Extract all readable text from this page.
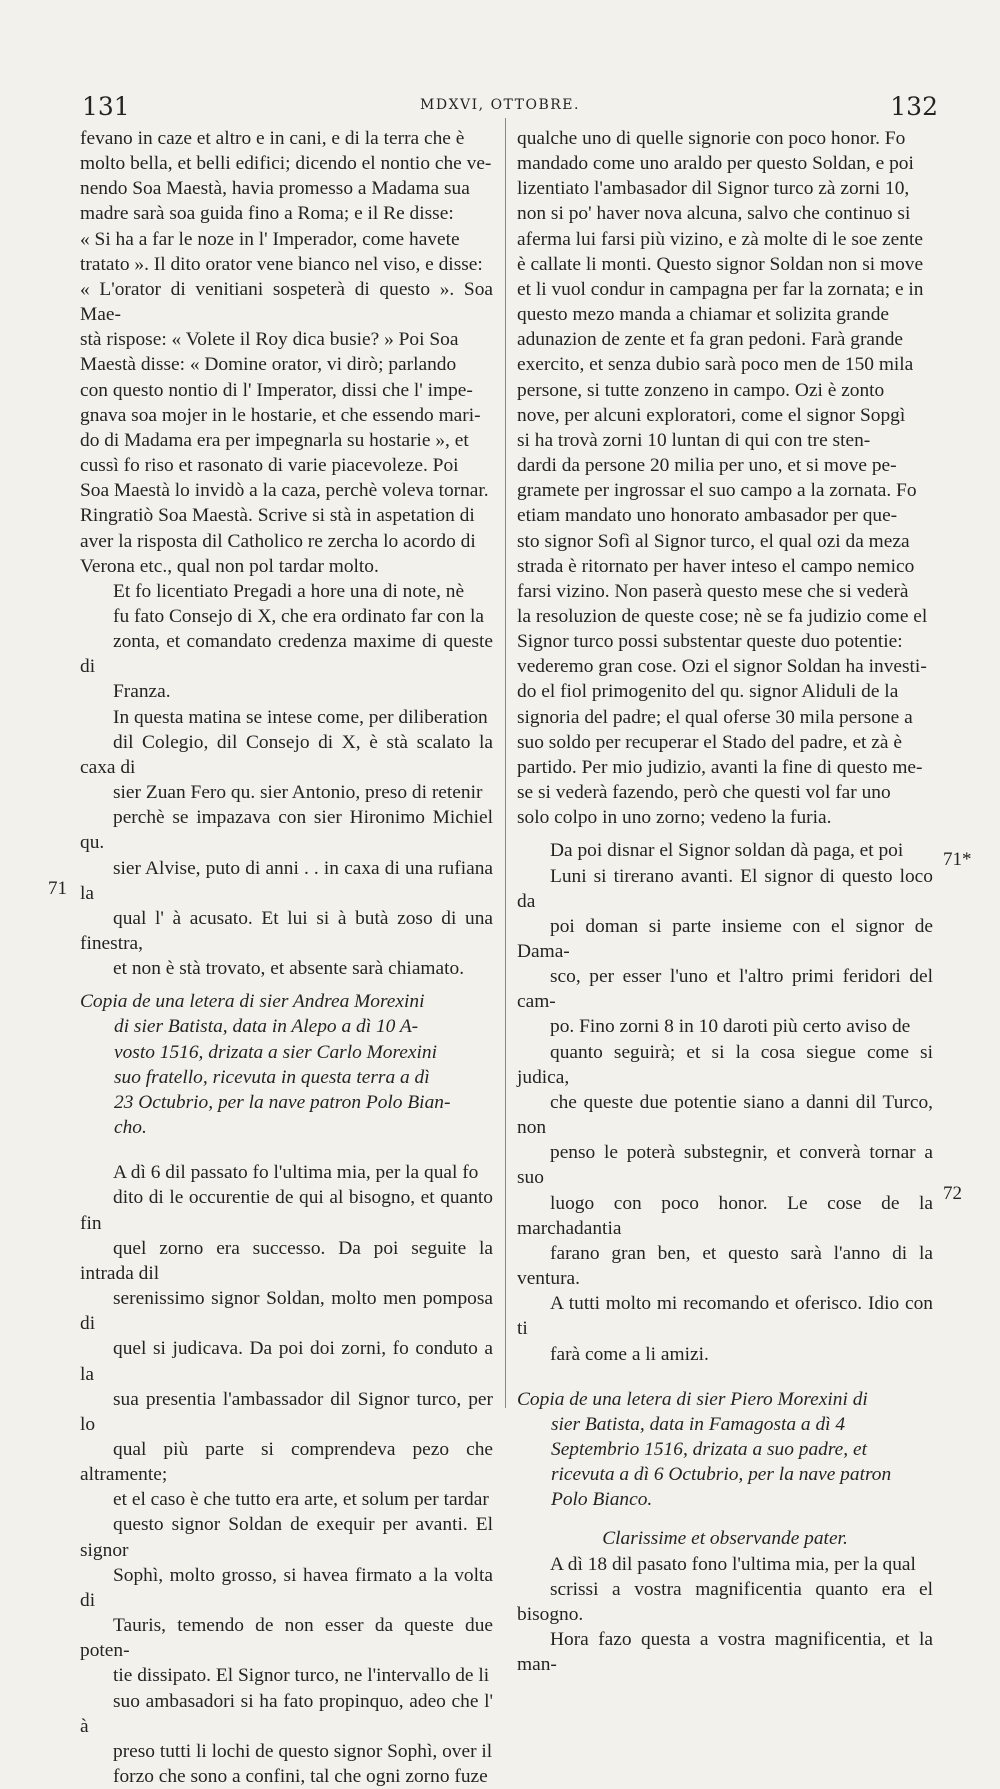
131	MDXVI, OTTOBRE.	132
71
71*
72

fevano in caze et altro e in cani, e di la terra che è
molto bella, et belli edifici; dicendo el nontio che ve-
nendo Soa Maestà, havia promesso a Madama sua
madre sarà soa guida fino a Roma; e il Re disse:
« Si ha a far le noze in l' Imperador, come havete
tratato ». Il dito orator vene bianco nel viso, e disse:
« L'orator di venitiani sospeterà di questo ». Soa Mae-
stà rispose: « Volete il Roy dica busie? » Poi Soa
Maestà disse: « Domine orator, vi dirò; parlando
con questo nontio di l' Imperator, dissi che l' impe-
gnava soa mojer in le hostarie, et che essendo mari-
do di Madama era per impegnarla su hostarie », et
cussì fo riso et rasonato di varie piacevoleze. Poi
Soa Maestà lo invidò a la caza, perchè voleva tornar.
Ringratiò Soa Maestà. Scrive si stà in aspetation di
aver la risposta dil Catholico re zercha lo acordo di
Verona etc., qual non pol tardar molto.

Et fo licentiato Pregadi a hore una di note, nè
fu fato Consejo di X, che era ordinato far con la
zonta, et comandato credenza maxime di queste di
Franza.

In questa matina se intese come, per diliberation
dil Colegio, dil Consejo di X, è stà scalato la caxa di
sier Zuan Fero qu. sier Antonio, preso di retenir
perchè se impazava con sier Hironimo Michiel qu.
sier Alvise, puto di anni . . in caxa di una rufiana la
qual l' à acusato. Et lui si à butà zoso di una finestra,
et non è stà trovato, et absente sarà chiamato.

Copia de una letera di sier Andrea Morexini
di sier Batista, data in Alepo a dì 10 A-
vosto 1516, drizata a sier Carlo Morexini
suo fratello, ricevuta in questa terra a dì
23 Octubrio, per la nave patron Polo Bian-
cho.

A dì 6 dil passato fo l'ultima mia, per la qual fo
dito di le occurentie de qui al bisogno, et quanto fin
quel zorno era successo. Da poi seguite la intrada dil
serenissimo signor Soldan, molto men pomposa di
quel si judicava. Da poi doi zorni, fo conduto a la
sua presentia l'ambassador dil Signor turco, per lo
qual più parte si comprendeva pezo che altramente;
et el caso è che tutto era arte, et solum per tardar
questo signor Soldan de exequir per avanti. El signor
Sophì, molto grosso, si havea firmato a la volta di
Tauris, temendo de non esser da queste due poten-
tie dissipato. El Signor turco, ne l'intervallo de li
suo ambasadori si ha fato propinquo, adeo che l' à
preso tutti li lochi de questo signor Sophì, over il
forzo che sono a confini, tal che ogni zorno fuze

qualche uno di quelle signorie con poco honor. Fo
mandado come uno araldo per questo Soldan, e poi
lizentiato l'ambasador dil Signor turco zà zorni 10,
non si po' haver nova alcuna, salvo che continuo si
aferma lui farsi più vizino, e zà molte di le soe zente
è callate li monti. Questo signor Soldan non si move
et li vuol condur in campagna per far la zornata; e in
questo mezo manda a chiamar et solizita grande
adunazion de zente et fa gran pedoni. Farà grande
exercito, et senza dubio sarà poco men de 150 mila
persone, si tutte zonzeno in campo. Ozi è zonto
nove, per alcuni exploratori, come el signor Sopgì
si ha trovà zorni 10 luntan di qui con tre sten-
dardi da persone 20 milia per uno, et si move pe-
gramete per ingrossar el suo campo a la zornata. Fo
etiam mandato uno honorato ambasador per que-
sto signor Sofì al Signor turco, el qual ozi da meza
strada è ritornato per haver inteso el campo nemico
farsi vizino. Non paserà questo mese che si vederà
la resoluzion de queste cose; nè se fa judizio come el
Signor turco possi substentar queste duo potentie:
vederemo gran cose. Ozi el signor Soldan ha investi-
do el fiol primogenito del qu. signor Aliduli de la
signoria del padre; el qual oferse 30 mila persone a
suo soldo per recuperar el Stado del padre, et zà è
partido. Per mio judizio, avanti la fine di questo me-
se si vederà fazendo, però che questi vol far uno
solo colpo in uno zorno; vedeno la furia.

Da poi disnar el Signor soldan dà paga, et poi
Luni si tirerano avanti. El signor di questo loco da
poi doman si parte insieme con el signor de Dama-
sco, per esser l'uno et l'altro primi feridori del cam-
po. Fino zorni 8 in 10 daroti più certo aviso de
quanto seguirà; et si la cosa siegue come si judica,
che queste due potentie siano a danni dil Turco, non
penso le poterà substegnir, et converà tornar a suo
luogo con poco honor. Le cose de la marchadantia
farano gran ben, et questo sarà l'anno di la ventura.
A tutti molto mi recomando et oferisco. Idio con ti
farà come a li amizi.

Copia de una letera di sier Piero Morexini di
sier Batista, data in Famagosta a dì 4
Septembrio 1516, drizata a suo padre, et
ricevuta a dì 6 Octubrio, per la nave patron
Polo Bianco.
Clarissime et observande pater.

A dì 18 dil pasato fono l'ultima mia, per la qual
scrissi a vostra magnificentia quanto era el bisogno.
Hora fazo questa a vostra magnificentia, et la man-
